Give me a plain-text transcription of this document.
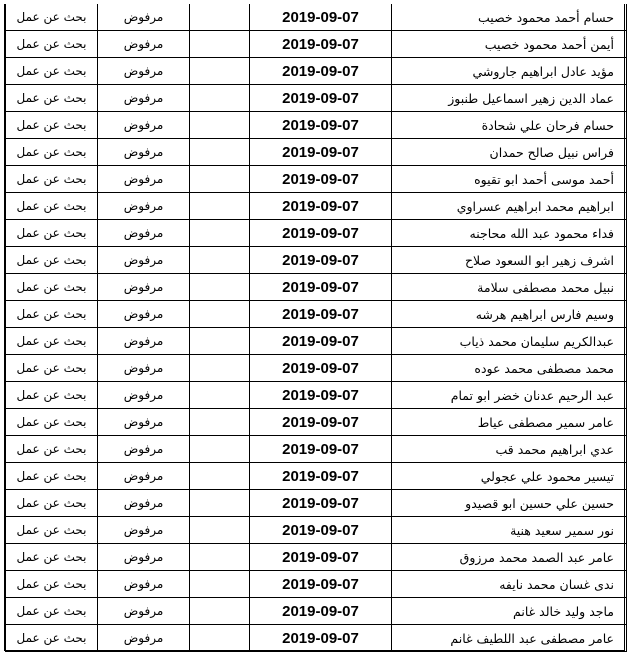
حسام أحمد محمود خصيب	2019-09-07		مرفوض	بحث عن عمل
أيمن أحمد محمود خصيب	2019-09-07		مرفوض	بحث عن عمل
مؤيد عادل ابراهيم جاروشي	2019-09-07		مرفوض	بحث عن عمل
عماد الدين زهير اسماعيل طنبوز	2019-09-07		مرفوض	بحث عن عمل
حسام فرحان علي شحادة	2019-09-07		مرفوض	بحث عن عمل
فراس نبيل صالح حمدان	2019-09-07		مرفوض	بحث عن عمل
أحمد موسى أحمد ابو تقيوه	2019-09-07		مرفوض	بحث عن عمل
ابراهيم محمد ابراهيم عسراوي	2019-09-07		مرفوض	بحث عن عمل
فداء محمود عبد الله محاجنه	2019-09-07		مرفوض	بحث عن عمل
اشرف زهير ابو السعود صلاح	2019-09-07		مرفوض	بحث عن عمل
نبيل محمد مصطفى سلامة	2019-09-07		مرفوض	بحث عن عمل
وسيم فارس ابراهيم هرشه	2019-09-07		مرفوض	بحث عن عمل
عبدالكريم سليمان محمد ذياب	2019-09-07		مرفوض	بحث عن عمل
محمد مصطفى محمد عوده	2019-09-07		مرفوض	بحث عن عمل
عبد الرحيم عدنان خضر ابو تمام	2019-09-07		مرفوض	بحث عن عمل
عامر سمير مصطفى عياط	2019-09-07		مرفوض	بحث عن عمل
عدي ابراهيم محمد قب	2019-09-07		مرفوض	بحث عن عمل
تيسير محمود علي عجولي	2019-09-07		مرفوض	بحث عن عمل
حسين علي حسين ابو قصيدو	2019-09-07		مرفوض	بحث عن عمل
نور سمير سعيد هنية	2019-09-07		مرفوض	بحث عن عمل
عامر عبد الصمد محمد مرزوق	2019-09-07		مرفوض	بحث عن عمل
ندى غسان محمد نايفه	2019-09-07		مرفوض	بحث عن عمل
ماجد وليد خالد غانم	2019-09-07		مرفوض	بحث عن عمل
عامر مصطفى عبد اللطيف غانم	2019-09-07		مرفوض	بحث عن عمل
